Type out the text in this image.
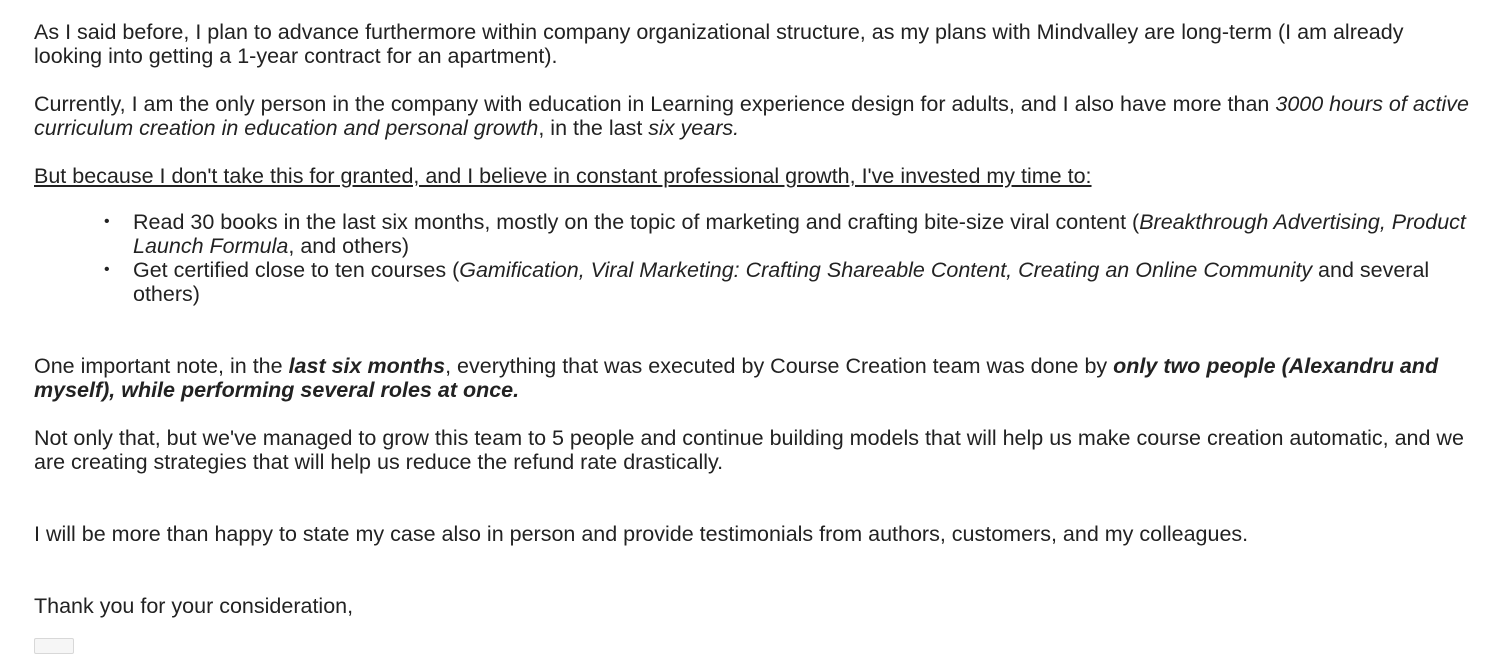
As I said before, I plan to advance furthermore within company organizational structure, as my plans with Mindvalley are long-term (I am already looking into getting a 1-year contract for an apartment).

Currently, I am the only person in the company with education in Learning experience design for adults, and I also have more than 3000 hours of active curriculum creation in education and personal growth, in the last six years.

But because I don't take this for granted, and I believe in constant professional growth, I've invested my time to:

• Read 30 books in the last six months, mostly on the topic of marketing and crafting bite-size viral content (Breakthrough Advertising, Product Launch Formula, and others)
• Get certified close to ten courses (Gamification, Viral Marketing: Crafting Shareable Content, Creating an Online Community and several others)

One important note, in the last six months, everything that was executed by Course Creation team was done by only two people (Alexandru and myself), while performing several roles at once.

Not only that, but we've managed to grow this team to 5 people and continue building models that will help us make course creation automatic, and we are creating strategies that will help us reduce the refund rate drastically.

I will be more than happy to state my case also in person and provide testimonials from authors, customers, and my colleagues.

Thank you for your consideration,
